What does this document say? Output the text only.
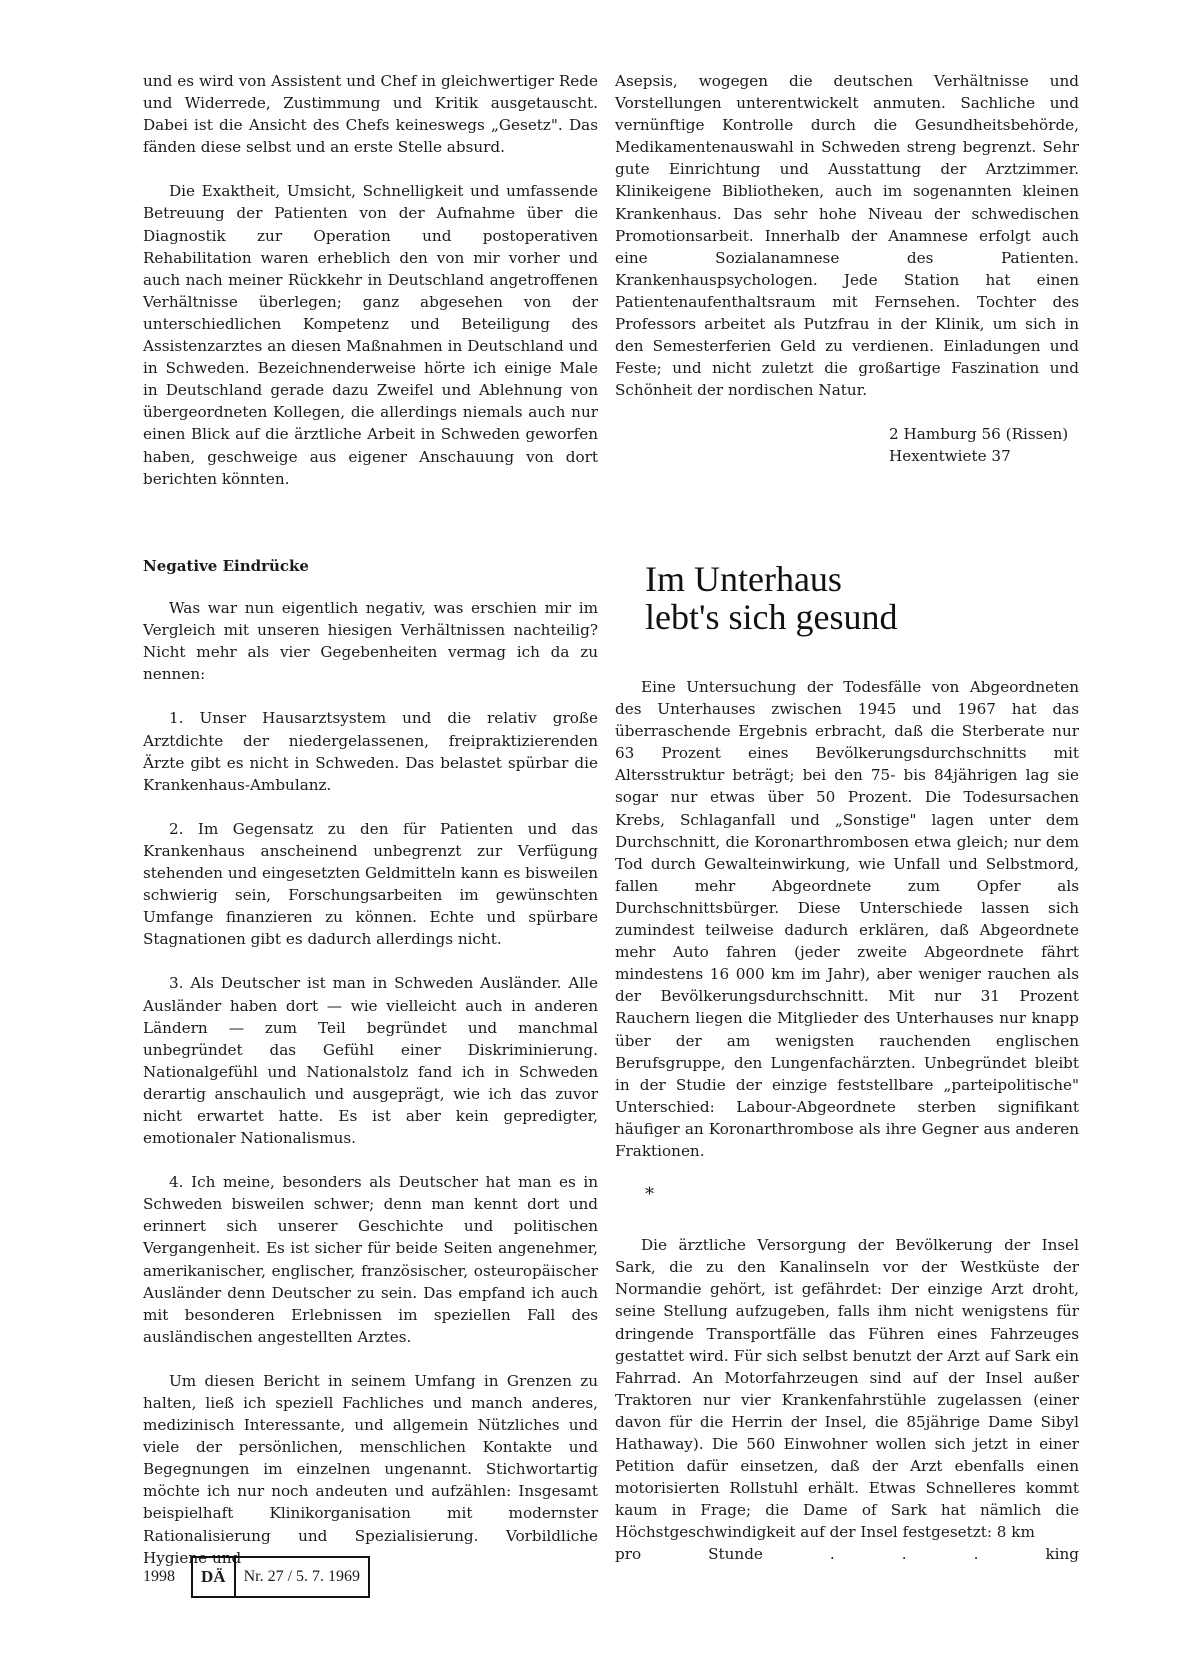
und es wird von Assistent und Chef in gleichwertiger Rede und Widerrede, Zustimmung und Kritik ausgetauscht. Dabei ist die Ansicht des Chefs keineswegs „Gesetz". Das fänden diese selbst und an erste Stelle absurd.

Die Exaktheit, Umsicht, Schnelligkeit und umfassende Betreuung der Patienten von der Aufnahme über die Diagnostik zur Operation und postoperativen Rehabilitation waren erheblich den von mir vorher und auch nach meiner Rückkehr in Deutschland angetroffenen Verhältnisse überlegen; ganz abgesehen von der unterschiedlichen Kompetenz und Beteiligung des Assistenzarztes an diesen Maßnahmen in Deutschland und in Schweden. Bezeichnenderweise hörte ich einige Male in Deutschland gerade dazu Zweifel und Ablehnung von übergeordneten Kollegen, die allerdings niemals auch nur einen Blick auf die ärztliche Arbeit in Schweden geworfen haben, geschweige aus eigener Anschauung von dort berichten könnten.

Negative Eindrücke

Was war nun eigentlich negativ, was erschien mir im Vergleich mit unseren hiesigen Verhältnissen nachteilig? Nicht mehr als vier Gegebenheiten vermag ich da zu nennen:

1. Unser Hausarztsystem und die relativ große Arztdichte der niedergelassenen, freipraktizierenden Ärzte gibt es nicht in Schweden. Das belastet spürbar die Krankenhaus-Ambulanz.

2. Im Gegensatz zu den für Patienten und das Krankenhaus anscheinend unbegrenzt zur Verfügung stehenden und eingesetzten Geldmitteln kann es bisweilen schwierig sein, Forschungsarbeiten im gewünschten Umfange finanzieren zu können. Echte und spürbare Stagnationen gibt es dadurch allerdings nicht.

3. Als Deutscher ist man in Schweden Ausländer. Alle Ausländer haben dort — wie vielleicht auch in anderen Ländern — zum Teil begründet und manchmal unbegründet das Gefühl einer Diskriminierung. Nationalgefühl und Nationalstolz fand ich in Schweden derartig anschaulich und ausgeprägt, wie ich das zuvor nicht erwartet hatte. Es ist aber kein gepredigter, emotionaler Nationalismus.

4. Ich meine, besonders als Deutscher hat man es in Schweden bisweilen schwer; denn man kennt dort und erinnert sich unserer Geschichte und politischen Vergangenheit. Es ist sicher für beide Seiten angenehmer, amerikanischer, englischer, französischer, osteuropäischer Ausländer denn Deutscher zu sein. Das empfand ich auch mit besonderen Erlebnissen im speziellen Fall des ausländischen angestellten Arztes.

Um diesen Bericht in seinem Umfang in Grenzen zu halten, ließ ich speziell Fachliches und manch anderes, medizinisch Interessante, und allgemein Nützliches und viele der persönlichen, menschlichen Kontakte und Begegnungen im einzelnen ungenannt. Stichwortartig möchte ich nur noch andeuten und aufzählen: Insgesamt beispielhaft Klinikorganisation mit modernster Rationalisierung und Spezialisierung. Vorbildliche Hygiene und

Asepsis, wogegen die deutschen Verhältnisse und Vorstellungen unterentwickelt anmuten. Sachliche und vernünftige Kontrolle durch die Gesundheitsbehörde, Medikamentenauswahl in Schweden streng begrenzt. Sehr gute Einrichtung und Ausstattung der Arztzimmer. Klinikeigene Bibliotheken, auch im sogenannten kleinen Krankenhaus. Das sehr hohe Niveau der schwedischen Promotionsarbeit. Innerhalb der Anamnese erfolgt auch eine Sozialanamnese des Patienten. Krankenhauspsychologen. Jede Station hat einen Patientenaufenthaltsraum mit Fernsehen. Tochter des Professors arbeitet als Putzfrau in der Klinik, um sich in den Semesterferien Geld zu verdienen. Einladungen und Feste; und nicht zuletzt die großartige Faszination und Schönheit der nordischen Natur.

2 Hamburg 56 (Rissen)
Hexentwiete 37
Im Unterhaus
lebt's sich gesund

Eine Untersuchung der Todesfälle von Abgeordneten des Unterhauses zwischen 1945 und 1967 hat das überraschende Ergebnis erbracht, daß die Sterberate nur 63 Prozent eines Bevölkerungsdurchschnitts mit Altersstruktur beträgt; bei den 75- bis 84jährigen lag sie sogar nur etwas über 50 Prozent. Die Todesursachen Krebs, Schlaganfall und „Sonstige" lagen unter dem Durchschnitt, die Koronarthrombosen etwa gleich; nur dem Tod durch Gewalteinwirkung, wie Unfall und Selbstmord, fallen mehr Abgeordnete zum Opfer als Durchschnittsbürger. Diese Unterschiede lassen sich zumindest teilweise dadurch erklären, daß Abgeordnete mehr Auto fahren (jeder zweite Abgeordnete fährt mindestens 16 000 km im Jahr), aber weniger rauchen als der Bevölkerungsdurchschnitt. Mit nur 31 Prozent Rauchern liegen die Mitglieder des Unterhauses nur knapp über der am wenigsten rauchenden englischen Berufsgruppe, den Lungenfachärzten. Unbegründet bleibt in der Studie der einzige feststellbare „parteipolitische" Unterschied: Labour-Abgeordnete sterben signifikant häufiger an Koronarthrombose als ihre Gegner aus anderen Fraktionen.

*

Die ärztliche Versorgung der Bevölkerung der Insel Sark, die zu den Kanalinseln vor der Westküste der Normandie gehört, ist gefährdet: Der einzige Arzt droht, seine Stellung aufzugeben, falls ihm nicht wenigstens für dringende Transportfälle das Führen eines Fahrzeuges gestattet wird. Für sich selbst benutzt der Arzt auf Sark ein Fahrrad. An Motorfahrzeugen sind auf der Insel außer Traktoren nur vier Krankenfahrstühle zugelassen (einer davon für die Herrin der Insel, die 85jährige Dame Sibyl Hathaway). Die 560 Einwohner wollen sich jetzt in einer Petition dafür einsetzen, daß der Arzt ebenfalls einen motorisierten Rollstuhl erhält. Etwas Schnelleres kommt kaum in Frage; die Dame of Sark hat nämlich die Höchstgeschwindigkeit auf der Insel festgesetzt: 8 km

pro Stunde . . .	king

1998	DÄ	Nr. 27 / 5. 7. 1969
